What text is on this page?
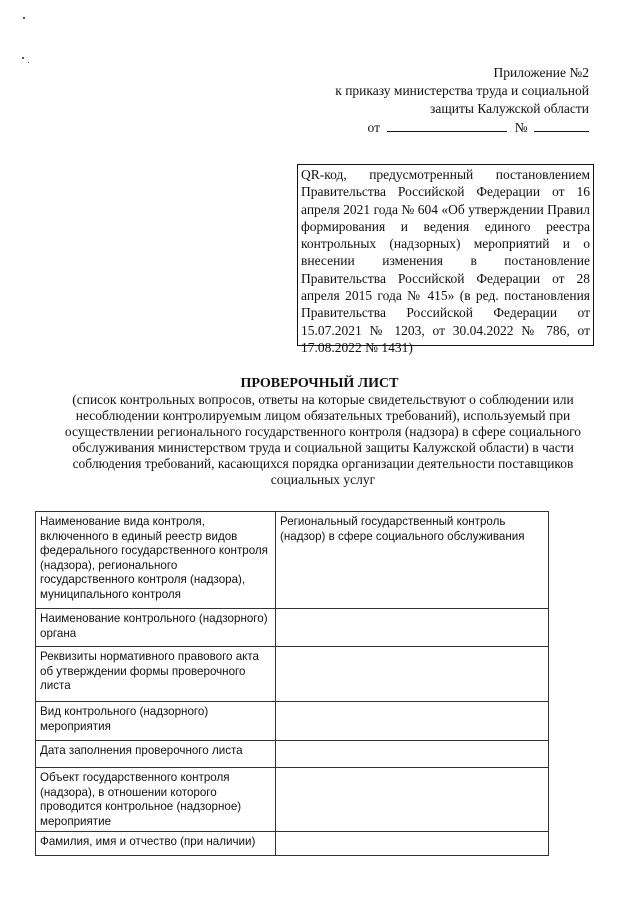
Приложение №2
к приказу министерства труда и социальной
защиты Калужской области
от	№
QR-код, предусмотренный постановлением Правительства Российской Федерации от 16 апреля 2021 года № 604 «Об утверждении Правил формирования и ведения единого реестра контрольных (надзорных) мероприятий и о внесении изменения в постановление Правительства Российской Федерации от 28 апреля 2015 года № 415» (в ред. постановления Правительства Российской Федерации от 15.07.2021 № 1203, от 30.04.2022 № 786, от 17.08.2022 № 1431)
ПРОВЕРОЧНЫЙ ЛИСТ
(список контрольных вопросов, ответы на которые свидетельствуют о соблюдении или несоблюдении контролируемым лицом обязательных требований), используемый при осуществлении регионального государственного контроля (надзора) в сфере социального обслуживания министерством труда и социальной защиты Калужской области) в части соблюдения требований, касающихся порядка организации деятельности поставщиков социальных услуг
Наименование вида контроля, включенного в единый реестр видов федерального государственного контроля (надзора), регионального государственного контроля (надзора), муниципального контроля	Региональный государственный контроль (надзор) в сфере социального обслуживания
Наименование контрольного (надзорного) органа	
Реквизиты нормативного правового акта об утверждении формы проверочного листа	
Вид контрольного (надзорного) мероприятия	
Дата заполнения проверочного листа	
Объект государственного контроля (надзора), в отношении которого проводится контрольное (надзорное) мероприятие	
Фамилия, имя и отчество (при наличии)	
